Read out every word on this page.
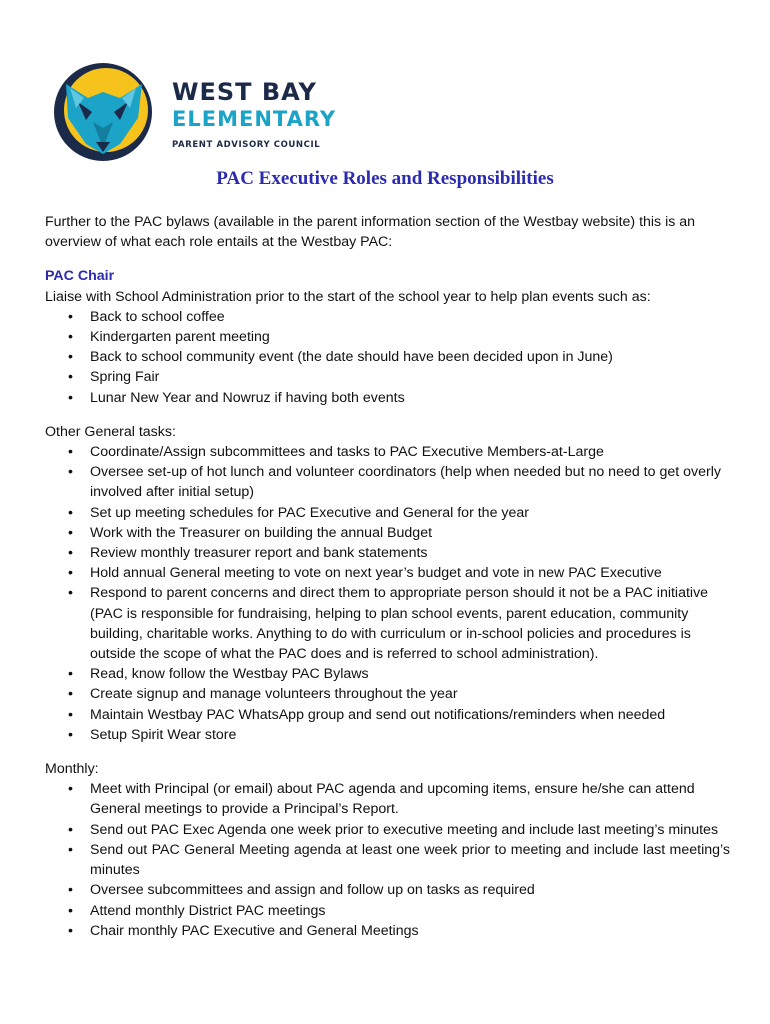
WEST BAY
ELEMENTARY
PARENT ADVISORY COUNCIL
PAC Executive Roles and Responsibilities

Further to the PAC bylaws (available in the parent information section of the Westbay website) this is an overview of what each role entails at the Westbay PAC:

PAC Chair

Liaise with School Administration prior to the start of the school year to help plan events such as:

• Back to school coffee
• Kindergarten parent meeting
• Back to school community event (the date should have been decided upon in June)
• Spring Fair
• Lunar New Year and Nowruz if having both events

Other General tasks:

• Coordinate/Assign subcommittees and tasks to PAC Executive Members-at-Large
• Oversee set-up of hot lunch and volunteer coordinators (help when needed but no need to get overly involved after initial setup)
• Set up meeting schedules for PAC Executive and General for the year
• Work with the Treasurer on building the annual Budget
• Review monthly treasurer report and bank statements
• Hold annual General meeting to vote on next year’s budget and vote in new PAC Executive
• Respond to parent concerns and direct them to appropriate person should it not be a PAC initiative (PAC is responsible for fundraising, helping to plan school events, parent education, community building, charitable works. Anything to do with curriculum or in-school policies and procedures is outside the scope of what the PAC does and is referred to school administration).
• Read, know follow the Westbay PAC Bylaws
• Create signup and manage volunteers throughout the year
• Maintain Westbay PAC WhatsApp group and send out notifications/reminders when needed
• Setup Spirit Wear store

Monthly:

• Meet with Principal (or email) about PAC agenda and upcoming items, ensure he/she can attend General meetings to provide a Principal’s Report.
• Send out PAC Exec Agenda one week prior to executive meeting and include last meeting’s minutes
• Send out PAC General Meeting agenda at least one week prior to meeting and include last meeting’s minutes
• Oversee subcommittees and assign and follow up on tasks as required
• Attend monthly District PAC meetings
• Chair monthly PAC Executive and General Meetings
